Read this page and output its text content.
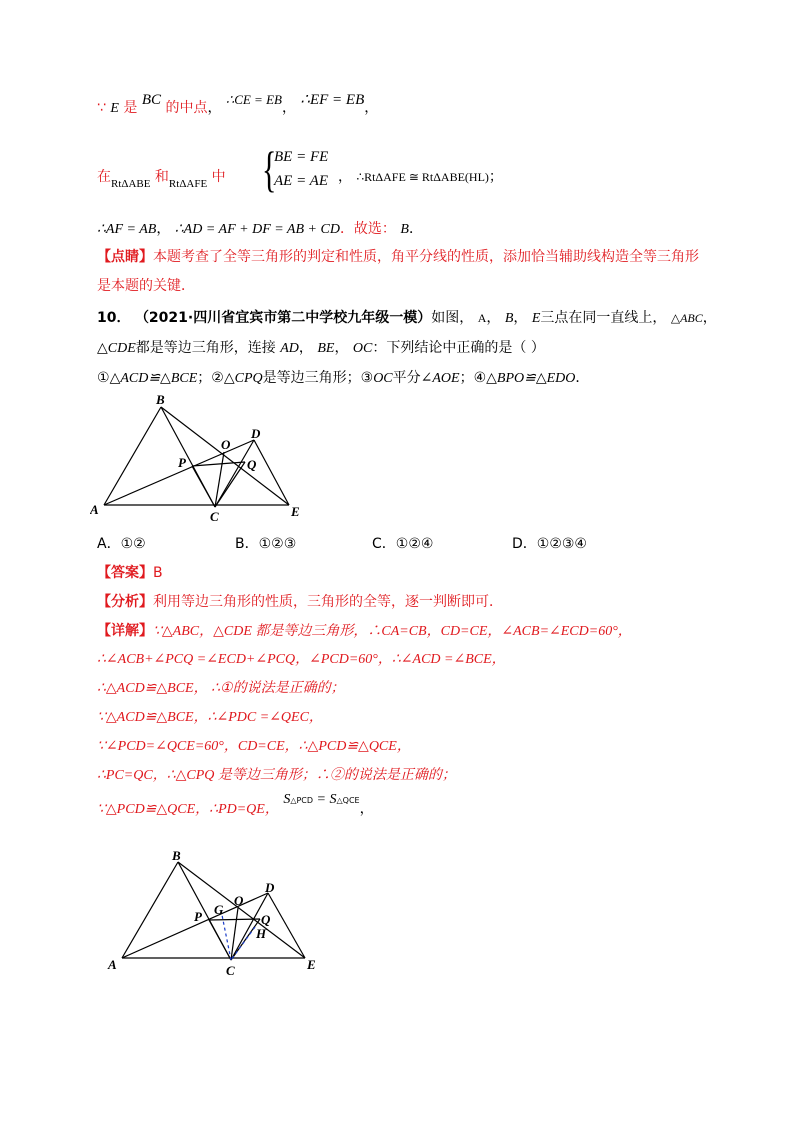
∵ E 是 BC 的中点， ∴CE = EB， ∴EF = EB，
在$_{Rt\Delta ABE}$ 和$_{Rt\Delta AFE}$ 中 {
BE = FE
AE = AE ， ∴RtΔAFE ≅ RtΔABE(HL)；
∴AF = AB， ∴AD = AF + DF = AB + CD．故选： B．
【点睛】本题考查了全等三角形的判定和性质，角平分线的性质，添加恰当辅助线构造全等三角形
是本题的关键．
10． （2021·四川省宜宾市第二中学校九年级一模）如图， A， B， E三点在同一直线上， △ABC，
△CDE都是等边三角形，连接 AD， BE， OC：下列结论中正确的是（ ）
①△ACD≌△BCE；②△CPQ是等边三角形；③OC平分∠AOE；④△BPO≌△EDO．
A
B
C
D
E
O
P	Q
A．①②	B．①②③	C．①②④	D．①②③④
【答案】B
【分析】利用等边三角形的性质，三角形的全等，逐一判断即可．
【详解】∵△ABC，△CDE 都是等边三角形，∴CA=CB，CD=CE，∠ACB=∠ECD=60°，
∴∠ACB+∠PCQ =∠ECD+∠PCQ，∠PCD=60°，∴∠ACD =∠BCE，
∴△ACD≌△BCE， ∴①的说法是正确的；
∵△ACD≌△BCE，∴∠PDC =∠QEC，
∵∠PCD=∠QCE=60°，CD=CE，∴△PCD≌△QCE，
∴PC=QC，∴△CPQ 是等边三角形；∴②的说法是正确的；
∵△PCD≌△QCE，∴PD=QE， S△PCD = S△QCE，
A
B
C
D
E
O
P	Q
G
H
